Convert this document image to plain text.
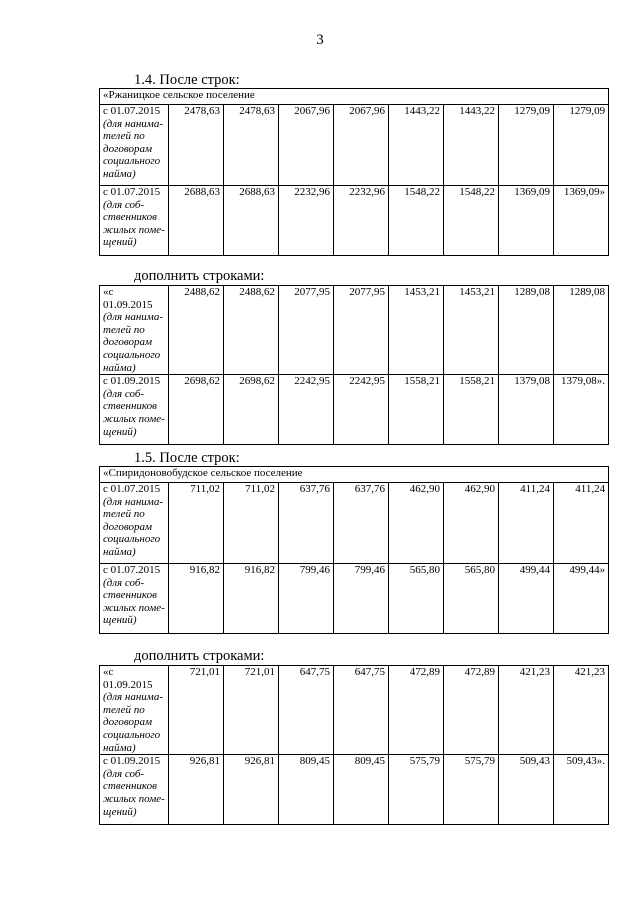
3
1.4. После строк:
«Ржаницкое сельское поселение								

с 01.07.2015
(для нанима-телей по договорам социального найма)	2478,63	2478,63	2067,96	2067,96	1443,22	1443,22	1279,09	1279,09

с 01.07.2015
(для соб-ственников жилых поме-щений)	2688,63	2688,63	2232,96	2232,96	1548,22	1548,22	1369,09	1369,09»
дополнить строками:
«с 01.09.2015
(для нанима-телей по договорам социального найма)	2488,62	2488,62	2077,95	2077,95	1453,21	1453,21	1289,08	1289,08

с 01.09.2015
(для соб-ственников жилых поме-щений)	2698,62	2698,62	2242,95	2242,95	1558,21	1558,21	1379,08	1379,08».
1.5. После строк:
«Спиридоновобудское сельское поселение								

с 01.07.2015
(для нанима-телей по договорам социального найма)	711,02	711,02	637,76	637,76	462,90	462,90	411,24	411,24

с 01.07.2015
(для соб-ственников жилых поме-щений)	916,82	916,82	799,46	799,46	565,80	565,80	499,44	499,44»
дополнить строками:
«с 01.09.2015
(для нанима-телей по договорам социального найма)	721,01	721,01	647,75	647,75	472,89	472,89	421,23	421,23

с 01.09.2015
(для соб-ственников жилых поме-щений)	926,81	926,81	809,45	809,45	575,79	575,79	509,43	509,43».
